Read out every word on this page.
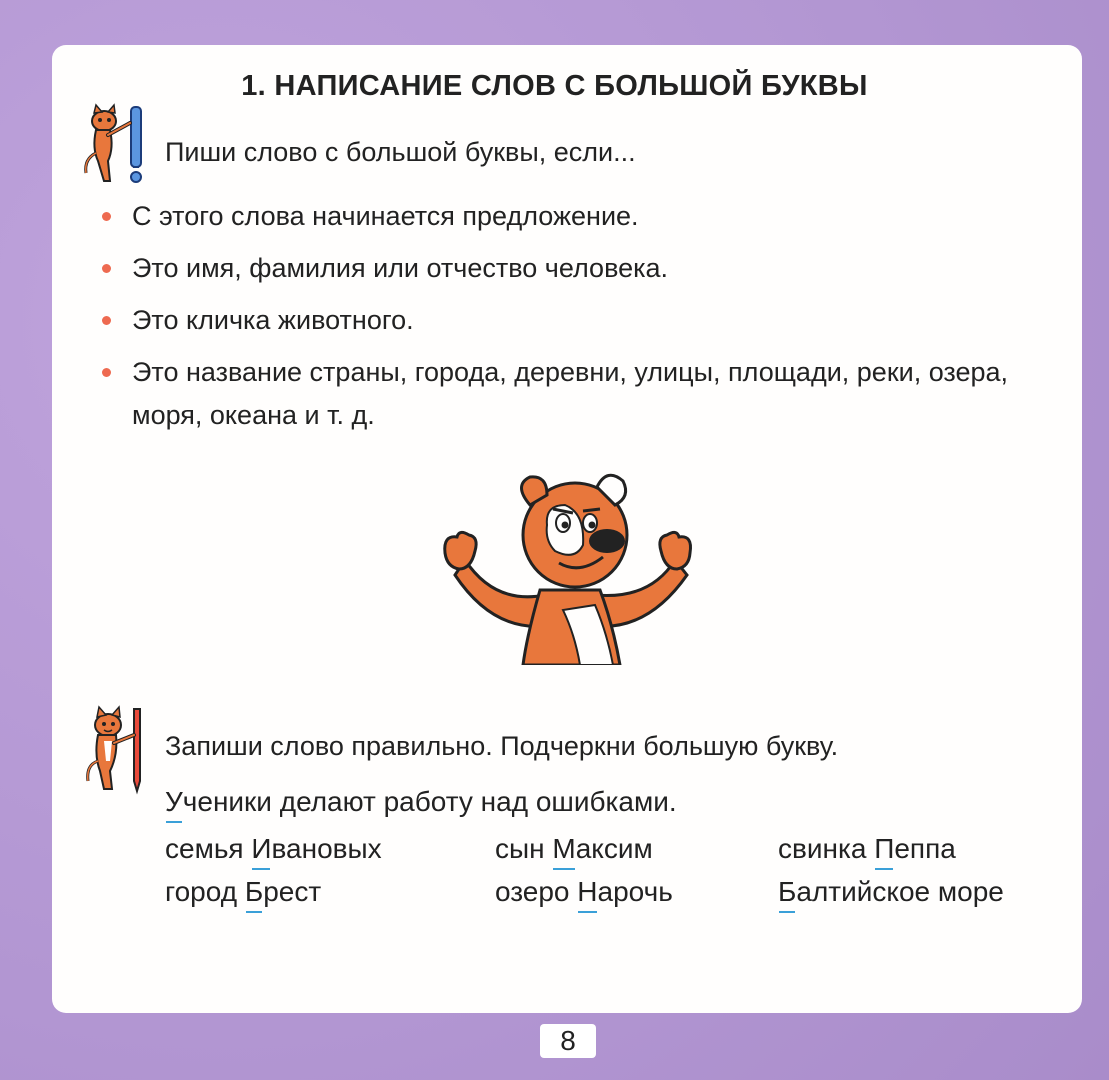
1. НАПИСАНИЕ СЛОВ С БОЛЬШОЙ БУКВЫ
Пиши слово с большой буквы, если...
С этого слова начинается предложение.
Это имя, фамилия или отчество человека.
Это кличка животного.
Это название страны, города, деревни, улицы, площади, реки, озера, моря, океана и т. д.
Запиши слово правильно. Подчеркни большую букву.
Ученики делают работу над ошибками.
семья Ивановых	сын Максим	свинка Пеппа
город Брест	озеро Нарочь	Балтийское море
8
